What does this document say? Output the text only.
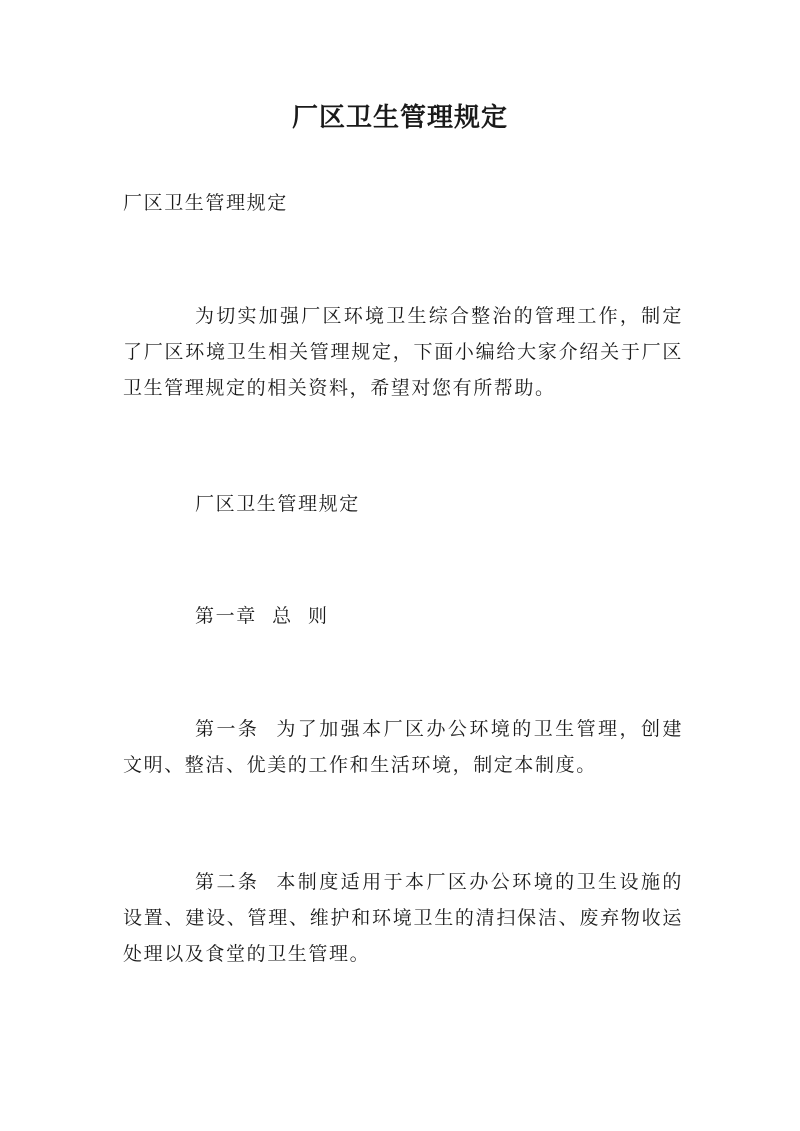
厂区卫生管理规定

厂区卫生管理规定

为切实加强厂区环境卫生综合整治的管理工作，制定了厂区环境卫生相关管理规定，下面小编给大家介绍关于厂区卫生管理规定的相关资料，希望对您有所帮助。

厂区卫生管理规定

第一章  总  则

第一条  为了加强本厂区办公环境的卫生管理，创建文明、整洁、优美的工作和生活环境，制定本制度。

第二条  本制度适用于本厂区办公环境的卫生设施的设置、建设、管理、维护和环境卫生的清扫保洁、废弃物收运处理以及食堂的卫生管理。
